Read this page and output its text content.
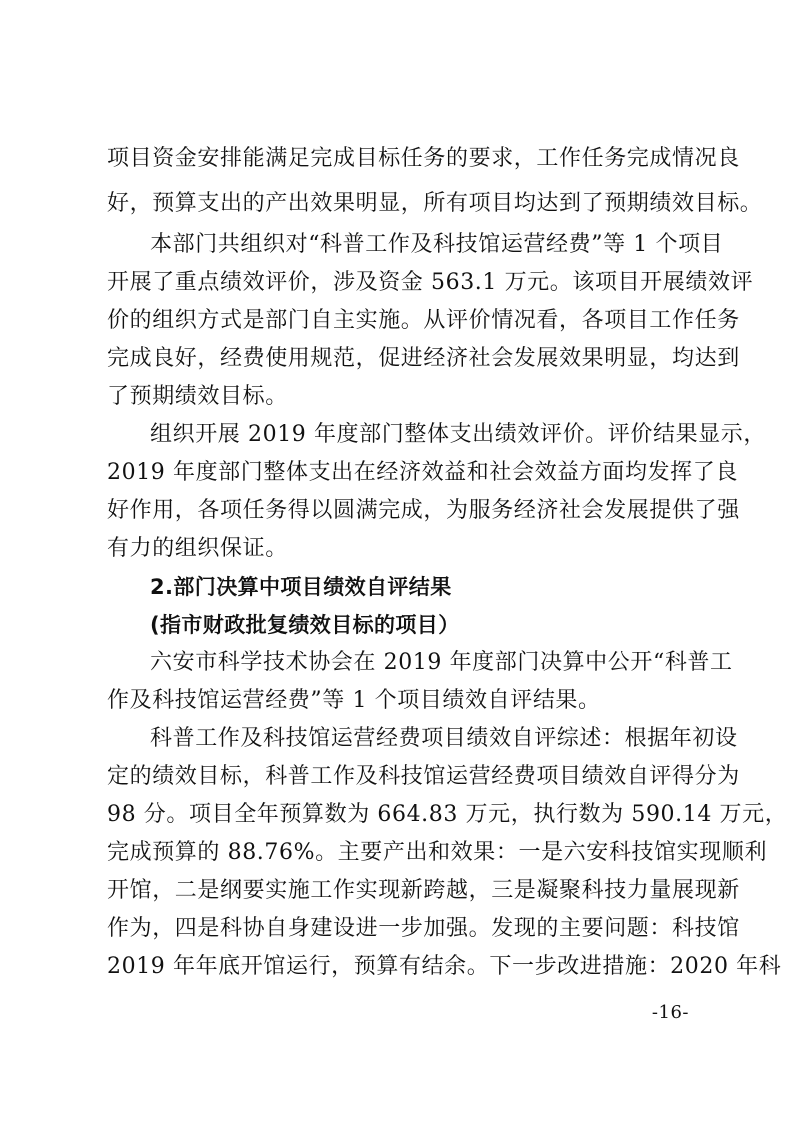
项目资金安排能满足完成目标任务的要求，工作任务完成情况良
好，预算支出的产出效果明显，所有项目均达到了预期绩效目标。
本部门共组织对“科普工作及科技馆运营经费”等 1 个项目
开展了重点绩效评价，涉及资金 563.1 万元。该项目开展绩效评
价的组织方式是部门自主实施。从评价情况看，各项目工作任务
完成良好，经费使用规范，促进经济社会发展效果明显，均达到
了预期绩效目标。
组织开展 2019 年度部门整体支出绩效评价。评价结果显示，
2019 年度部门整体支出在经济效益和社会效益方面均发挥了良
好作用，各项任务得以圆满完成，为服务经济社会发展提供了强
有力的组织保证。
2.部门决算中项目绩效自评结果
(指市财政批复绩效目标的项目）
六安市科学技术协会在 2019 年度部门决算中公开“科普工
作及科技馆运营经费”等 1 个项目绩效自评结果。
科普工作及科技馆运营经费项目绩效自评综述：根据年初设
定的绩效目标，科普工作及科技馆运营经费项目绩效自评得分为
98 分。项目全年预算数为 664.83 万元，执行数为 590.14 万元，
完成预算的 88.76%。主要产出和效果：一是六安科技馆实现顺利
开馆，二是纲要实施工作实现新跨越，三是凝聚科技力量展现新
作为，四是科协自身建设进一步加强。发现的主要问题：科技馆
2019 年年底开馆运行，预算有结余。下一步改进措施：2020 年科
-16-
